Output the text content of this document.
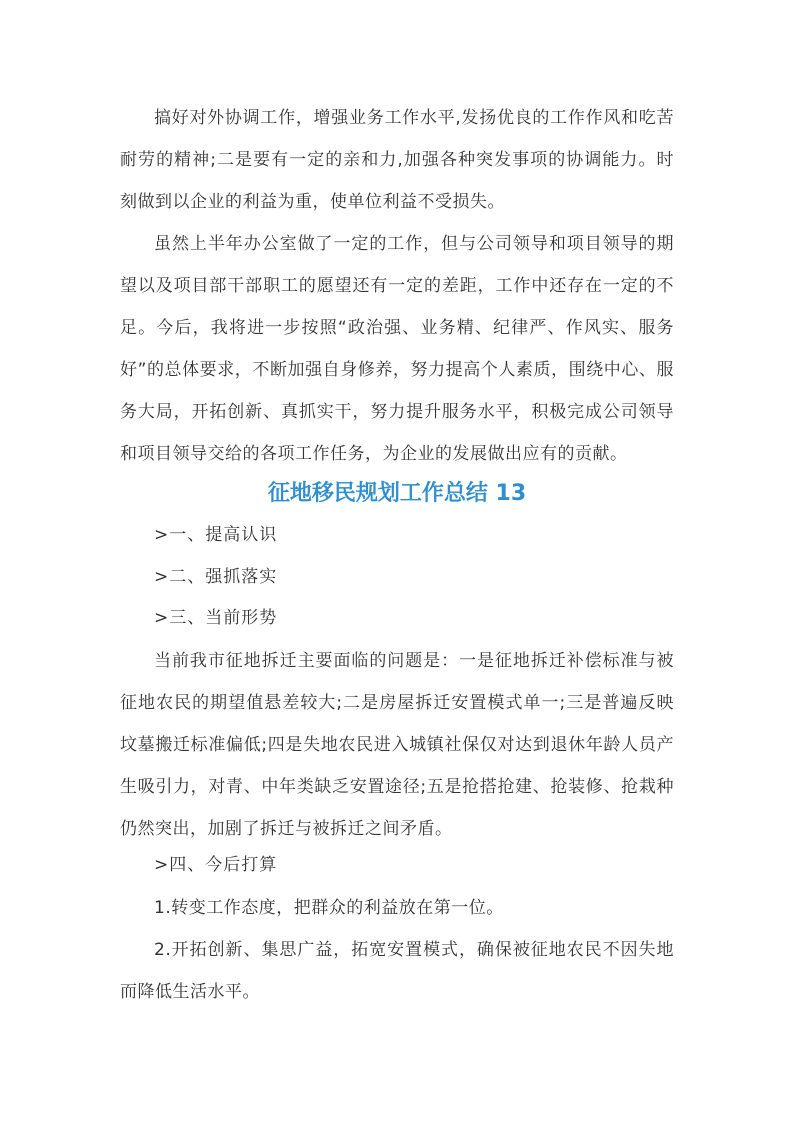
搞好对外协调工作，增强业务工作水平,发扬优良的工作作风和吃苦耐劳的精神;二是要有一定的亲和力,加强各种突发事项的协调能力。时刻做到以企业的利益为重，使单位利益不受损失。

虽然上半年办公室做了一定的工作，但与公司领导和项目领导的期望以及项目部干部职工的愿望还有一定的差距，工作中还存在一定的不足。今后，我将进一步按照“政治强、业务精、纪律严、作风实、服务好”的总体要求，不断加强自身修养，努力提高个人素质，围绕中心、服务大局，开拓创新、真抓实干，努力提升服务水平，积极完成公司领导和项目领导交给的各项工作任务，为企业的发展做出应有的贡献。

征地移民规划工作总结 13

>一、提高认识

>二、强抓落实

>三、当前形势

当前我市征地拆迁主要面临的问题是：一是征地拆迁补偿标准与被征地农民的期望值悬差较大;二是房屋拆迁安置模式单一;三是普遍反映坟墓搬迁标准偏低;四是失地农民进入城镇社保仅对达到退休年龄人员产生吸引力，对青、中年类缺乏安置途径;五是抢搭抢建、抢装修、抢栽种仍然突出，加剧了拆迁与被拆迁之间矛盾。

>四、今后打算

1.转变工作态度，把群众的利益放在第一位。

2.开拓创新、集思广益，拓宽安置模式，确保被征地农民不因失地而降低生活水平。
